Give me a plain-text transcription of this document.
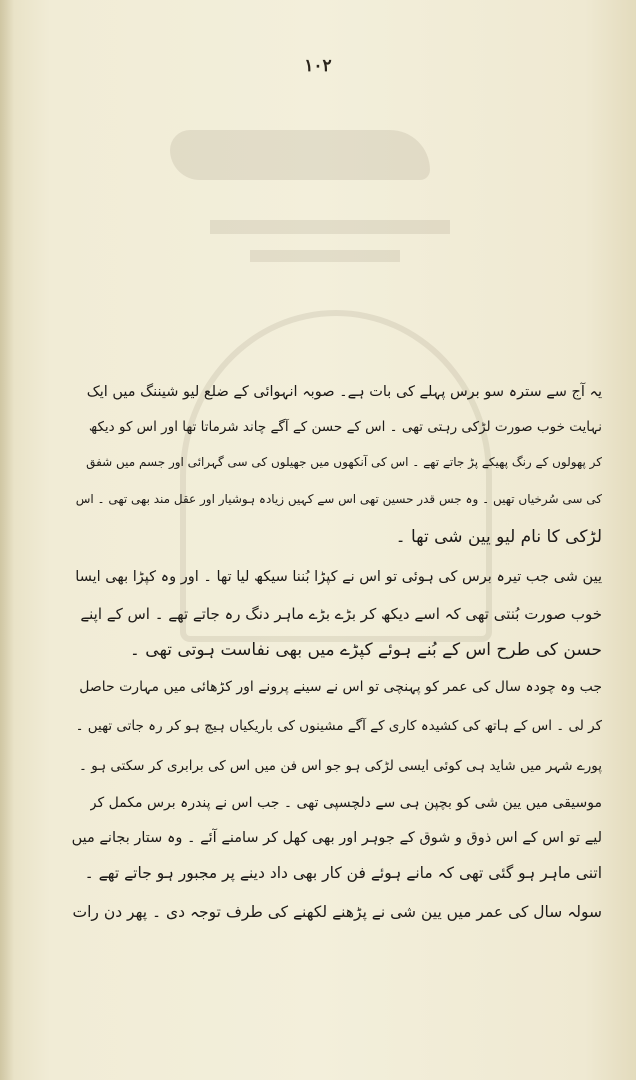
۱۰۲
یہ آج سے سترہ سو برس پہلے کی بات ہے۔ صوبہ انہوائی کے ضلع لیو شیننگ میں ایک
نہایت خوب صورت لڑکی رہتی تھی ۔ اس کے حسن کے آگے چاند شرماتا تھا اور اس کو دیکھ
کر پھولوں کے رنگ پھیکے پڑ جاتے تھے ۔ اس کی آنکھوں میں جھیلوں کی سی گہرائی اور جسم میں شفق
کی سی سُرخیاں تھیں ۔ وہ جس قدر حسین تھی اس سے کہیں زیادہ ہوشیار اور عقل مند بھی تھی ۔ اس
لڑکی کا نام لیو یین شی تھا ۔
یین شی جب تیرہ برس کی ہوئی تو اس نے کپڑا بُننا سیکھ لیا تھا ۔ اور وہ کپڑا بھی ایسا
خوب صورت بُنتی تھی کہ اسے دیکھ کر بڑے بڑے ماہر دنگ رہ جاتے تھے ۔ اس کے اپنے
حسن کی طرح اس کے بُنے ہوئے کپڑے میں بھی نفاست ہوتی تھی ۔
جب وہ چودہ سال کی عمر کو پہنچی تو اس نے سینے پرونے اور کڑھائی میں مہارت حاصل
کر لی ۔ اس کے ہاتھ کی کشیدہ کاری کے آگے مشینوں کی باریکیاں ہیچ ہو کر رہ جاتی تھیں ۔
پورے شہر میں شاید ہی کوئی ایسی لڑکی ہو جو اس فن میں اس کی برابری کر سکتی ہو ۔
موسیقی میں یین شی کو بچپن ہی سے دلچسپی تھی ۔ جب اس نے پندرہ برس مکمل کر
لیے تو اس کے اس ذوق و شوق کے جوہر اور بھی کھل کر سامنے آئے ۔ وہ ستار بجانے میں
اتنی ماہر ہو گئی تھی کہ مانے ہوئے فن کار بھی داد دینے پر مجبور ہو جاتے تھے ۔
سولہ سال کی عمر میں یین شی نے پڑھنے لکھنے کی طرف توجہ دی ۔ پھر دن رات
